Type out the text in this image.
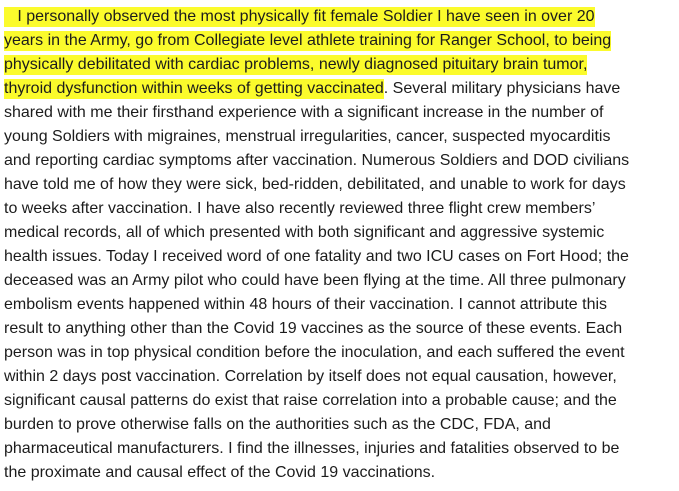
I personally observed the most physically fit female Soldier I have seen in over 20
years in the Army, go from Collegiate level athlete training for Ranger School, to being
physically debilitated with cardiac problems, newly diagnosed pituitary brain tumor,
thyroid dysfunction within weeks of getting vaccinated. Several military physicians have
shared with me their firsthand experience with a significant increase in the number of
young Soldiers with migraines, menstrual irregularities, cancer, suspected myocarditis
and reporting cardiac symptoms after vaccination. Numerous Soldiers and DOD civilians
have told me of how they were sick, bed-ridden, debilitated, and unable to work for days
to weeks after vaccination. I have also recently reviewed three flight crew members’
medical records, all of which presented with both significant and aggressive systemic
health issues. Today I received word of one fatality and two ICU cases on Fort Hood; the
deceased was an Army pilot who could have been flying at the time. All three pulmonary
embolism events happened within 48 hours of their vaccination. I cannot attribute this
result to anything other than the Covid 19 vaccines as the source of these events. Each
person was in top physical condition before the inoculation, and each suffered the event
within 2 days post vaccination. Correlation by itself does not equal causation, however,
significant causal patterns do exist that raise correlation into a probable cause; and the
burden to prove otherwise falls on the authorities such as the CDC, FDA, and
pharmaceutical manufacturers. I find the illnesses, injuries and fatalities observed to be
the proximate and causal effect of the Covid 19 vaccinations.
